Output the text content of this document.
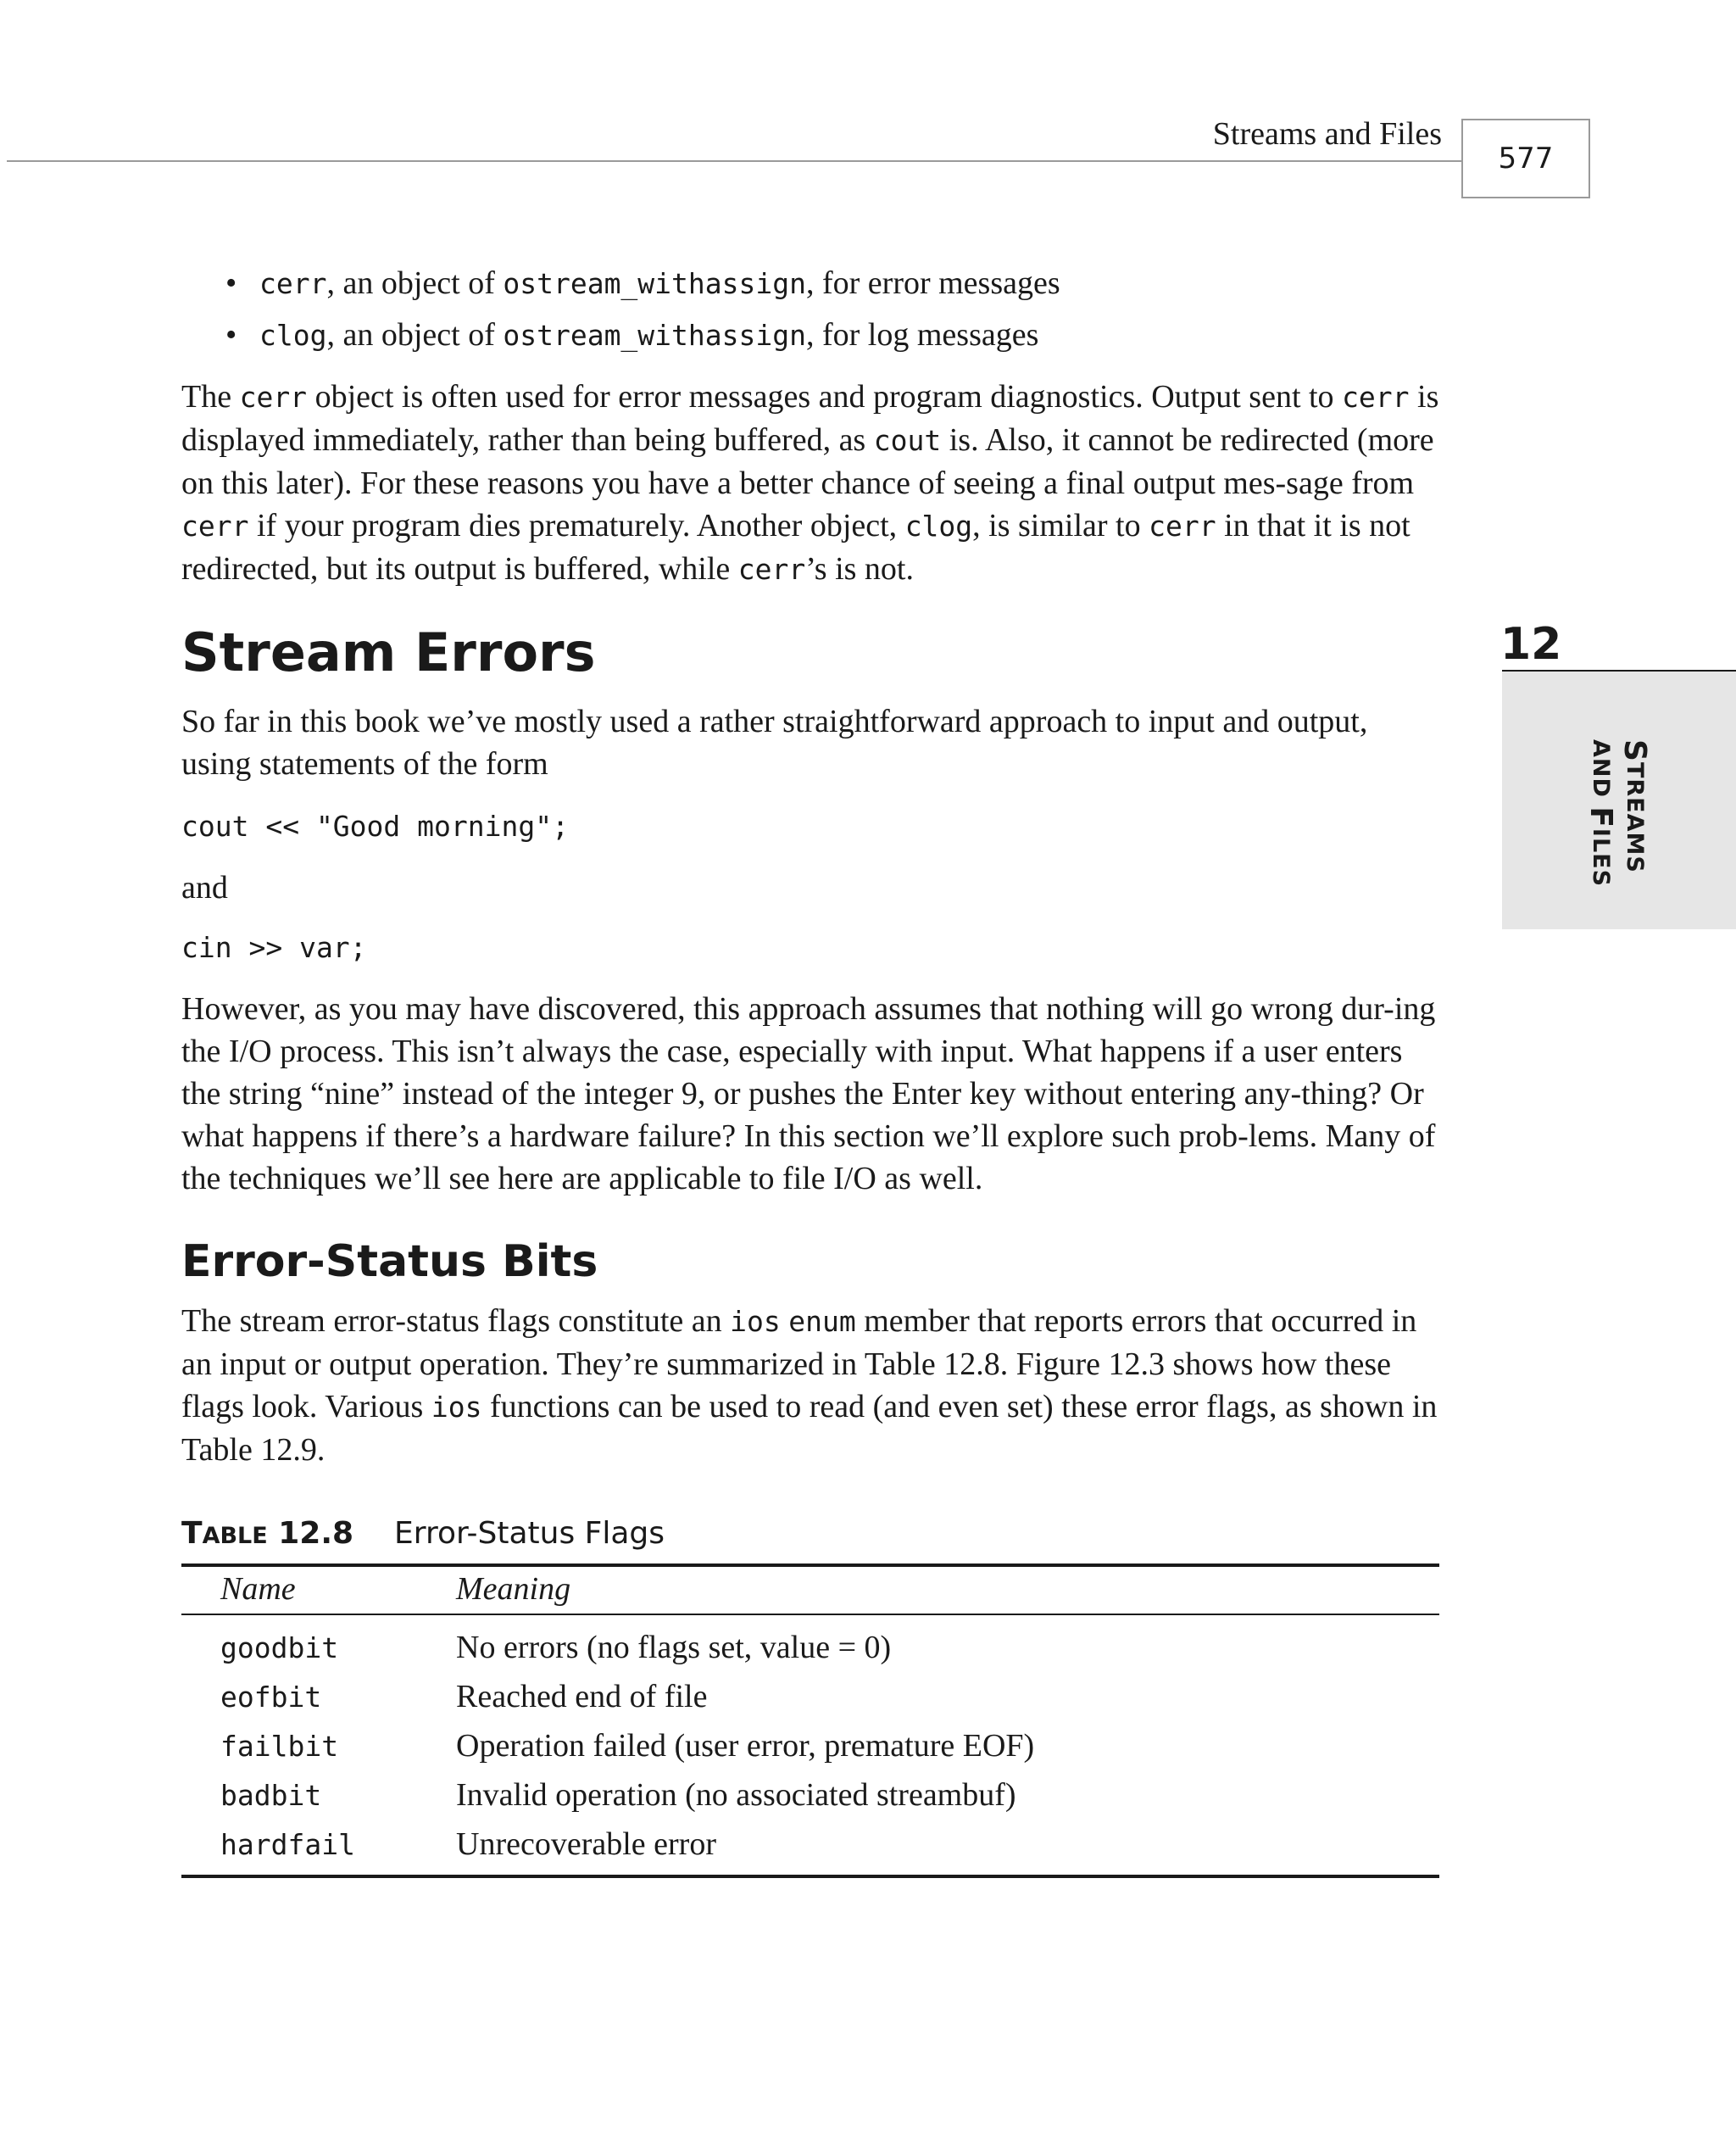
Streams and Files
577
12
STREAMS
AND FILES
• cerr, an object of ostream_withassign, for error messages
• clog, an object of ostream_withassign, for log messages
The cerr object is often used for error messages and program diagnostics. Output sent to cerr is displayed immediately, rather than being buffered, as cout is. Also, it cannot be redirected (more on this later). For these reasons you have a better chance of seeing a final output mes-sage from cerr if your program dies prematurely. Another object, clog, is similar to cerr in that it is not redirected, but its output is buffered, while cerr’s is not.
Stream Errors
So far in this book we’ve mostly used a rather straightforward approach to input and output, using statements of the form
cout << "Good morning";
and
cin >> var;
However, as you may have discovered, this approach assumes that nothing will go wrong dur-ing the I/O process. This isn’t always the case, especially with input. What happens if a user enters the string “nine” instead of the integer 9, or pushes the Enter key without entering any-thing? Or what happens if there’s a hardware failure? In this section we’ll explore such prob-lems. Many of the techniques we’ll see here are applicable to file I/O as well.
Error-Status Bits
The stream error-status flags constitute an ios enum member that reports errors that occurred in an input or output operation. They’re summarized in Table 12.8. Figure 12.3 shows how these flags look. Various ios functions can be used to read (and even set) these error flags, as shown in Table 12.9.
TABLE 12.8 Error-Status Flags
Name	Meaning
goodbit	No errors (no flags set, value = 0)
eofbit	Reached end of file
failbit	Operation failed (user error, premature EOF)
badbit	Invalid operation (no associated streambuf)
hardfail	Unrecoverable error
